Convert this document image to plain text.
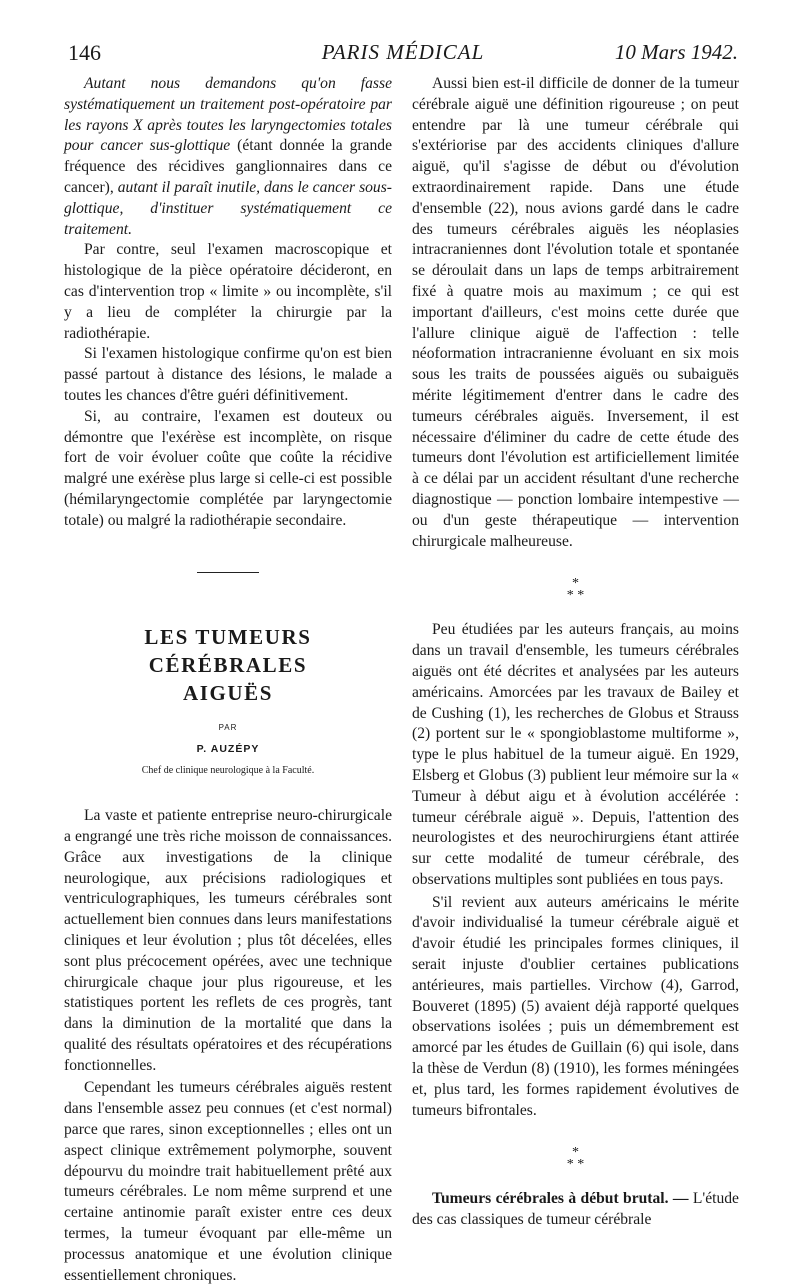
146	PARIS MÉDICAL	10 Mars 1942.

Autant nous demandons qu'on fasse systématiquement un traitement post-opératoire par les rayons X après toutes les laryngectomies totales pour cancer sus-glottique (étant donnée la grande fréquence des récidives ganglionnaires dans ce cancer), autant il paraît inutile, dans le cancer sous-glottique, d'instituer systématiquement ce traitement.

Par contre, seul l'examen macroscopique et histologique de la pièce opératoire décideront, en cas d'intervention trop « limite » ou incomplète, s'il y a lieu de compléter la chirurgie par la radiothérapie.

Si l'examen histologique confirme qu'on est bien passé partout à distance des lésions, le malade a toutes les chances d'être guéri définitivement.

Si, au contraire, l'examen est douteux ou démontre que l'exérèse est incomplète, on risque fort de voir évoluer coûte que coûte la récidive malgré une exérèse plus large si celle-ci est possible (hémilaryngectomie complétée par laryngectomie totale) ou malgré la radiothérapie secondaire.

LES TUMEURS CÉRÉBRALES
AIGUËS
PAR
P. AUZÉPY
Chef de clinique neurologique à la Faculté.

La vaste et patiente entreprise neuro-chirurgicale a engrangé une très riche moisson de connaissances. Grâce aux investigations de la clinique neurologique, aux précisions radiologiques et ventriculographiques, les tumeurs cérébrales sont actuellement bien connues dans leurs manifestations cliniques et leur évolution ; plus tôt décelées, elles sont plus précocement opérées, avec une technique chirurgicale chaque jour plus rigoureuse, et les statistiques portent les reflets de ces progrès, tant dans la diminution de la mortalité que dans la qualité des résultats opératoires et des récupérations fonctionnelles.

Cependant les tumeurs cérébrales aiguës restent dans l'ensemble assez peu connues (et c'est normal) parce que rares, sinon exceptionnelles ; elles ont un aspect clinique extrêmement polymorphe, souvent dépourvu du moindre trait habituellement prêté aux tumeurs cérébrales. Le nom même surprend et une certaine antinomie paraît exister entre ces deux termes, la tumeur évoquant par elle-même un processus anatomique et une évolution clinique essentiellement chroniques.

Aussi bien est-il difficile de donner de la tumeur cérébrale aiguë une définition rigoureuse ; on peut entendre par là une tumeur cérébrale qui s'extériorise par des accidents cliniques d'allure aiguë, qu'il s'agisse de début ou d'évolution extraordinairement rapide. Dans une étude d'ensemble (22), nous avions gardé dans le cadre des tumeurs cérébrales aiguës les néoplasies intracraniennes dont l'évolution totale et spontanée se déroulait dans un laps de temps arbitrairement fixé à quatre mois au maximum ; ce qui est important d'ailleurs, c'est moins cette durée que l'allure clinique aiguë de l'affection : telle néoformation intracranienne évoluant en six mois sous les traits de poussées aiguës ou subaiguës mérite légitimement d'entrer dans le cadre des tumeurs cérébrales aiguës. Inversement, il est nécessaire d'éliminer du cadre de cette étude des tumeurs dont l'évolution est artificiellement limitée à ce délai par un accident résultant d'une recherche diagnostique — ponction lombaire intempestive — ou d'un geste thérapeutique — intervention chirurgicale malheureuse.

*
* *

Peu étudiées par les auteurs français, au moins dans un travail d'ensemble, les tumeurs cérébrales aiguës ont été décrites et analysées par les auteurs américains. Amorcées par les travaux de Bailey et de Cushing (1), les recherches de Globus et Strauss (2) portent sur le « spongioblastome multiforme », type le plus habituel de la tumeur aiguë. En 1929, Elsberg et Globus (3) publient leur mémoire sur la « Tumeur à début aigu et à évolution accélérée : tumeur cérébrale aiguë ». Depuis, l'attention des neurologistes et des neurochirurgiens étant attirée sur cette modalité de tumeur cérébrale, des observations multiples sont publiées en tous pays.

S'il revient aux auteurs américains le mérite d'avoir individualisé la tumeur cérébrale aiguë et d'avoir étudié les principales formes cliniques, il serait injuste d'oublier certaines publications antérieures, mais partielles. Virchow (4), Garrod, Bouveret (1895) (5) avaient déjà rapporté quelques observations isolées ; puis un démembrement est amorcé par les études de Guillain (6) qui isole, dans la thèse de Verdun (8) (1910), les formes méningées et, plus tard, les formes rapidement évolutives de tumeurs bifrontales.

*
* *

Tumeurs cérébrales à début brutal. — L'étude des cas classiques de tumeur cérébrale
